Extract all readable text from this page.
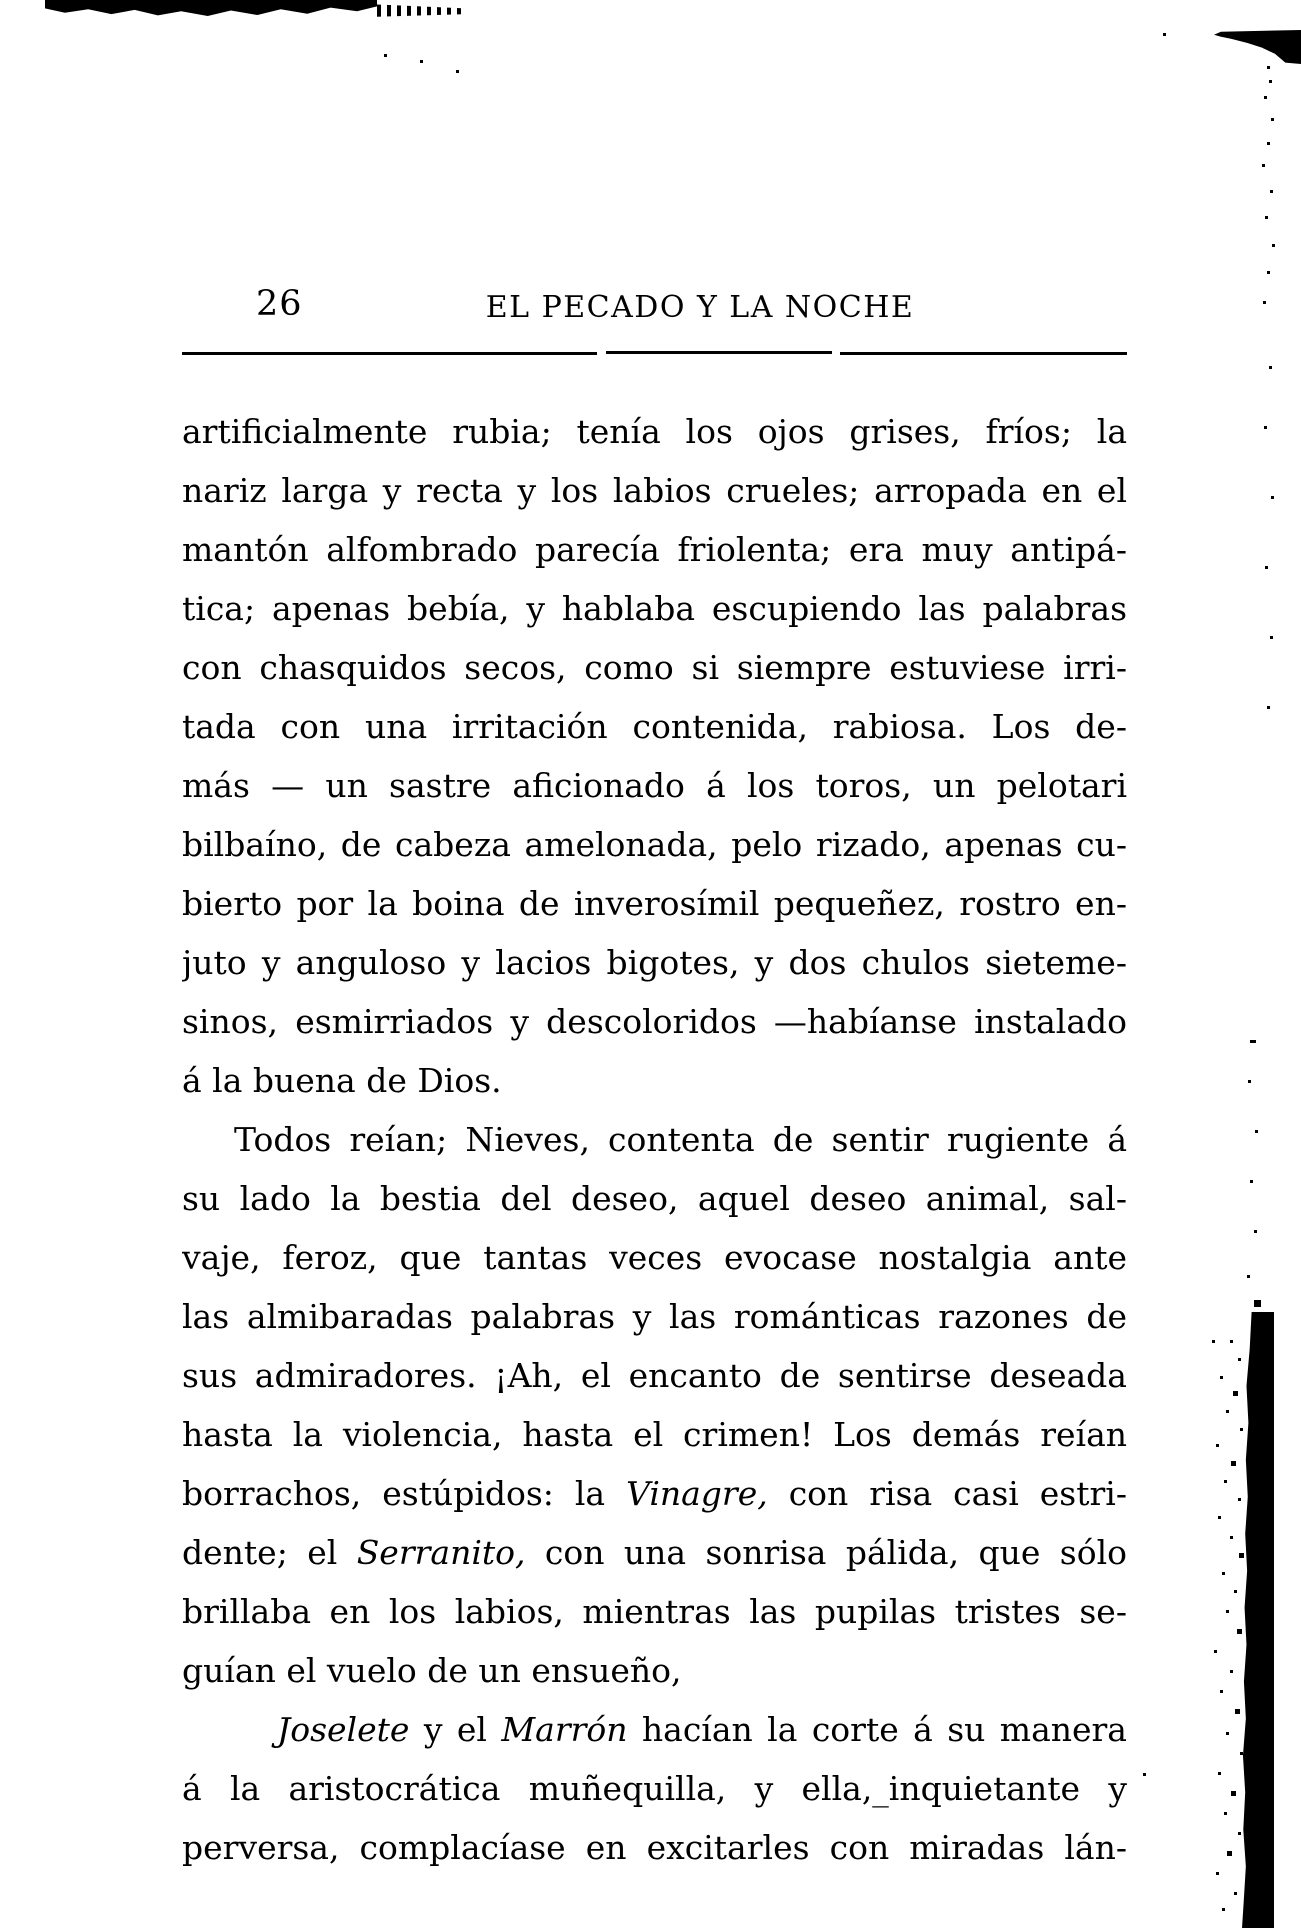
26	EL PECADO Y LA NOCHE
artificialmente rubia; tenía los ojos grises, fríos; la
nariz larga y recta y los labios crueles; arropada en el
mantón alfombrado parecía friolenta; era muy antipá-
tica; apenas bebía, y hablaba escupiendo las palabras
con chasquidos secos, como si siempre estuviese irri-
tada con una irritación contenida, rabiosa. Los de-
más — un sastre aficionado á los toros, un pelotari
bilbaíno, de cabeza amelonada, pelo rizado, apenas cu-
bierto por la boina de inverosímil pequeñez, rostro en-
juto y anguloso y lacios bigotes, y dos chulos sieteme-
sinos, esmirriados y descoloridos —habíanse instalado
á la buena de Dios.
Todos reían; Nieves, contenta de sentir rugiente á
su lado la bestia del deseo, aquel deseo animal, sal-
vaje, feroz, que tantas veces evocase nostalgia ante
las almibaradas palabras y las románticas razones de
sus admiradores. ¡Ah, el encanto de sentirse deseada
hasta la violencia, hasta el crimen! Los demás reían
borrachos, estúpidos: la Vinagre, con risa casi estri-
dente; el Serranito, con una sonrisa pálida, que sólo
brillaba en los labios, mientras las pupilas tristes se-
guían el vuelo de un ensueño,
Joselete y el Marrón hacían la corte á su manera
á la aristocrática muñequilla, y ella,_inquietante y
perversa, complacíase en excitarles con miradas lán-
